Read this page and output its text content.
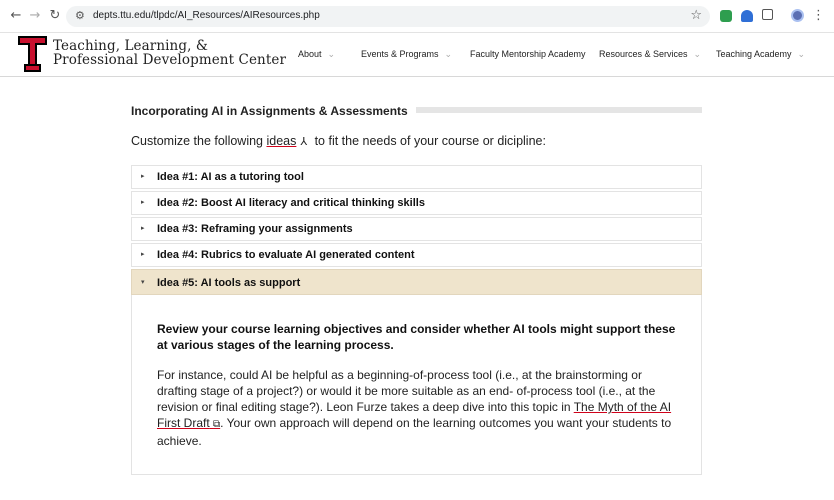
← → ↻ ⚙ depts.ttu.edu/tlpdc/AI_Resources/AIResources.php	☆	⋮
Teaching, Learning, &
Professional Development Center About ⌄	Events & Programs ⌄ Faculty Mentorship Academy Resources & Services ⌄ Teaching Academy ⌄
Incorporating AI in Assignments & Assessments

Customize the following ideas ⅄ to fit the needs of your course or dicipline:

▸ Idea #1: AI as a tutoring tool
▸ Idea #2: Boost AI literacy and critical thinking skills
▸ Idea #3: Reframing your assignments
▸ Idea #4: Rubrics to evaluate AI generated content
▾ Idea #5: AI tools as support

Review your course learning objectives and consider whether AI tools might support these at various stages of the learning process.

For instance, could AI be helpful as a beginning-of-process tool (i.e., at the brainstorming or drafting stage of a project?) or would it be more suitable as an end- of-process tool (i.e., at the revision or final editing stage?). Leon Furze takes a deep dive into this topic in The Myth of the AI First Draft ⧉. Your own approach will depend on the learning outcomes you want your students to achieve.
